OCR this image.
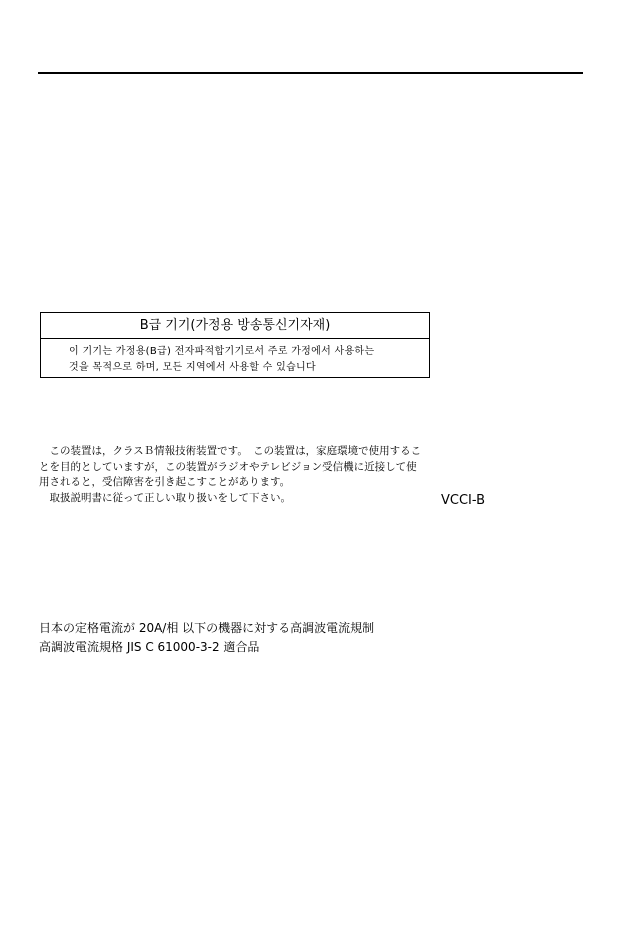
B급 기기(가정용 방송통신기자재)
이 기기는 가정용(B급) 전자파적합기기로서 주로 가정에서 사용하는
것을 목적으로 하며, 모든 지역에서 사용할 수 있습니다
　この装置は，クラスＢ情報技術装置です。　この装置は，家庭環境で使用するこ
とを目的としていますが，この装置がラジオやテレビジョン受信機に近接して使
用されると，受信障害を引き起こすことがあります。
　取扱説明書に従って正しい取り扱いをして下さい。	VCCI-B
日本の定格電流が 20A/相 以下の機器に対する高調波電流規制
高調波電流規格 JIS C 61000-3-2 適合品
